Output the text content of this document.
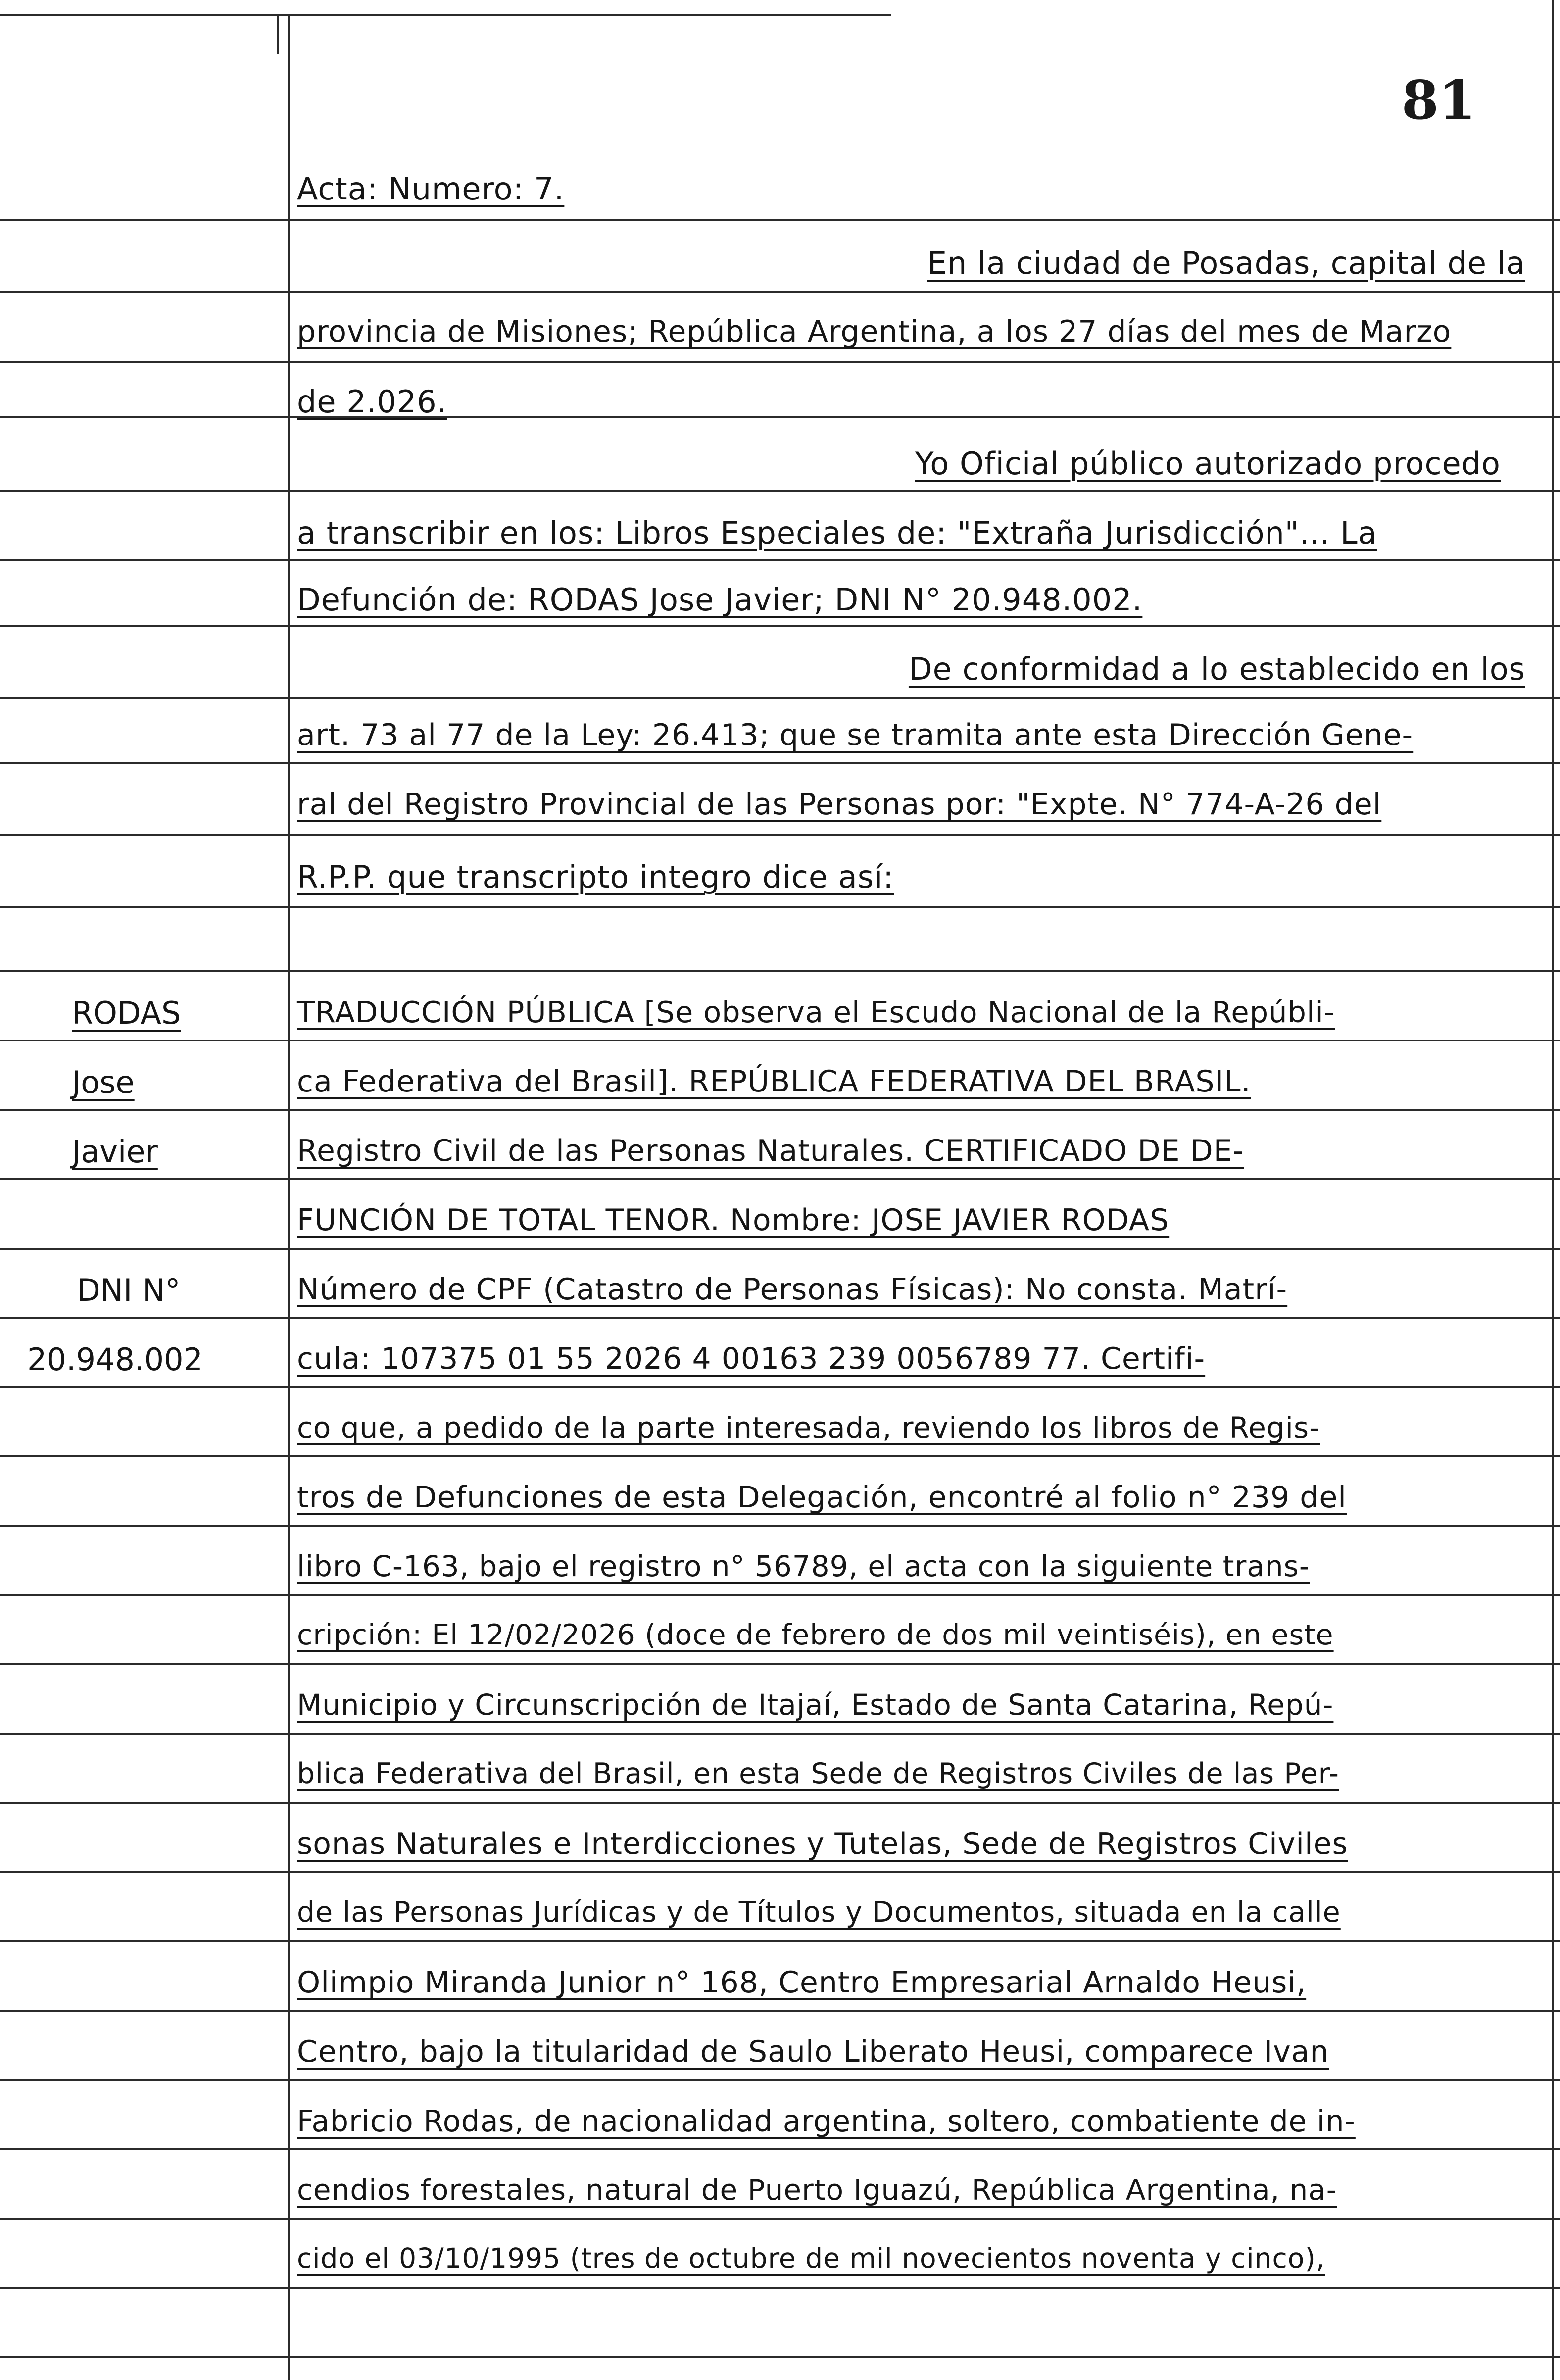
81
Acta: Numero: 7.
En la ciudad de Posadas, capital de la
provincia de Misiones; República Argentina, a los 27 días del mes de Marzo
de 2.026.
Yo Oficial público autorizado procedo
a transcribir en los: Libros Especiales de: "Extraña Jurisdicción"... La
Defunción de: RODAS Jose Javier; DNI N° 20.948.002.
De conformidad a lo establecido en los
art. 73 al 77 de la Ley: 26.413; que se tramita ante esta Dirección Gene-
ral del Registro Provincial de las Personas por: "Expte. N° 774-A-26 del
R.P.P. que transcripto integro dice así:
RODAS
Jose
Javier
DNI N°
20.948.002
TRADUCCIÓN PÚBLICA [Se observa el Escudo Nacional de la Repúbli-
ca Federativa del Brasil]. REPÚBLICA FEDERATIVA DEL BRASIL.
Registro Civil de las Personas Naturales. CERTIFICADO DE DE-
FUNCIÓN DE TOTAL TENOR. Nombre: JOSE JAVIER RODAS
Número de CPF (Catastro de Personas Físicas): No consta. Matrí-
cula: 107375 01 55 2026 4 00163 239 0056789 77. Certifi-
co que, a pedido de la parte interesada, reviendo los libros de Regis-
tros de Defunciones de esta Delegación, encontré al folio n° 239 del
libro C-163, bajo el registro n° 56789, el acta con la siguiente trans-
cripción: El 12/02/2026 (doce de febrero de dos mil veintiséis), en este
Municipio y Circunscripción de Itajaí, Estado de Santa Catarina, Repú-
blica Federativa del Brasil, en esta Sede de Registros Civiles de las Per-
sonas Naturales e Interdicciones y Tutelas, Sede de Registros Civiles
de las Personas Jurídicas y de Títulos y Documentos, situada en la calle
Olimpio Miranda Junior n° 168, Centro Empresarial Arnaldo Heusi,
Centro, bajo la titularidad de Saulo Liberato Heusi, comparece Ivan
Fabricio Rodas, de nacionalidad argentina, soltero, combatiente de in-
cendios forestales, natural de Puerto Iguazú, República Argentina, na-
cido el 03/10/1995 (tres de octubre de mil novecientos noventa y cinco),
